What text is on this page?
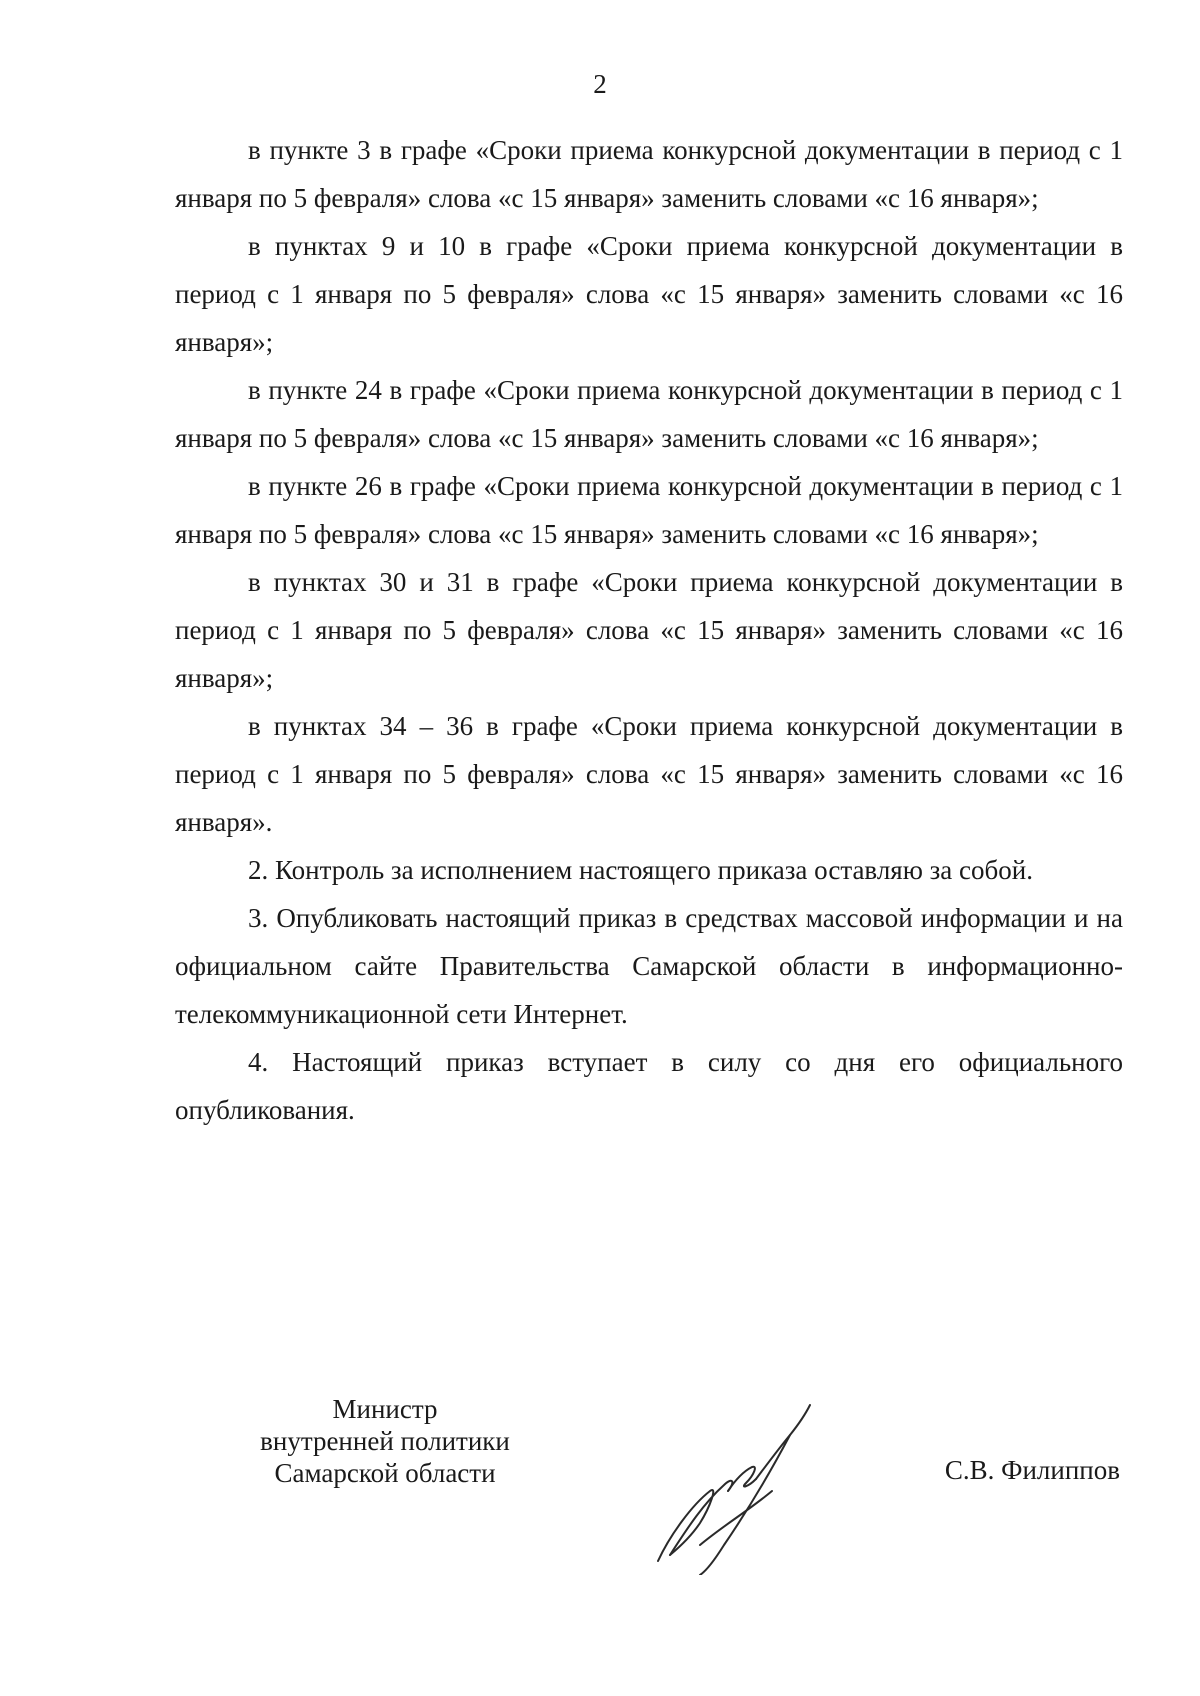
2

в пункте 3 в графе «Сроки приема конкурсной документации в период с 1 января по 5 февраля» слова «с 15 января» заменить словами «с 16 января»;

в пунктах 9 и 10 в графе «Сроки приема конкурсной документации в период с 1 января по 5 февраля» слова «с 15 января» заменить словами «с 16 января»;

в пункте 24 в графе «Сроки приема конкурсной документации в период с 1 января по 5 февраля» слова «с 15 января» заменить словами «с 16 января»;

в пункте 26 в графе «Сроки приема конкурсной документации в период с 1 января по 5 февраля» слова «с 15 января» заменить словами «с 16 января»;

в пунктах 30 и 31 в графе «Сроки приема конкурсной документации в период с 1 января по 5 февраля» слова «с 15 января» заменить словами «с 16 января»;

в пунктах 34 – 36 в графе «Сроки приема конкурсной документации в период с 1 января по 5 февраля» слова «с 15 января» заменить словами «с 16 января».

2. Контроль за исполнением настоящего приказа оставляю за собой.

3. Опубликовать настоящий приказ в средствах массовой информации и на официальном сайте Правительства Самарской области в информационно-телекоммуникационной сети Интернет.

4. Настоящий приказ вступает в силу со дня его официального опубликования.

Министр
внутренней политики
Самарской области	С.В. Филиппов
